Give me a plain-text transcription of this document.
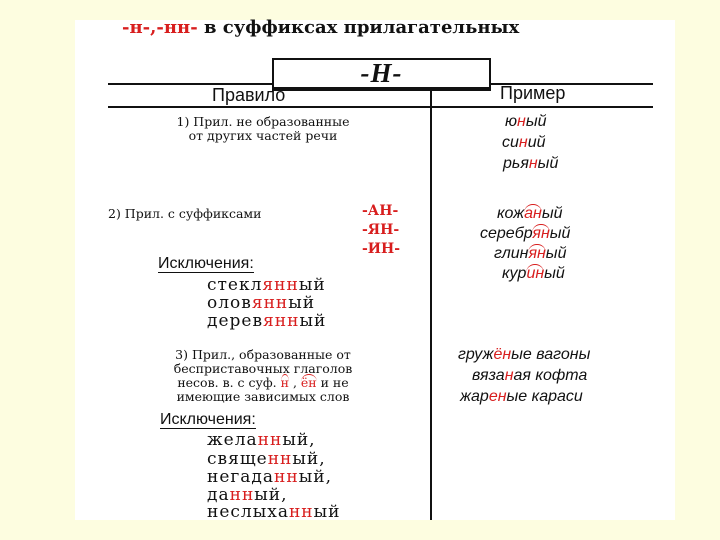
-н-,-нн- в суффиксах прилагательных
-Н-
Правило	Пример
1) Прил. не образованные
от других частей речи
юный
синий
рьяный
2) Прил. с суффиксами	-АН-
-ЯН-
-ИН-
Исключения:
стеклянный
оловянный
деревянный
кожаный
серебряный
глиняный
куриный
3) Прил., образованные от
бесприставочных глаголов
несов. в. с суф. н , ён и не
имеющие зависимых слов
Исключения:
желанный,
священный,
негаданный,
данный,
неслыханный
гружёные вагоны
вязаная кофта
жареные караси
